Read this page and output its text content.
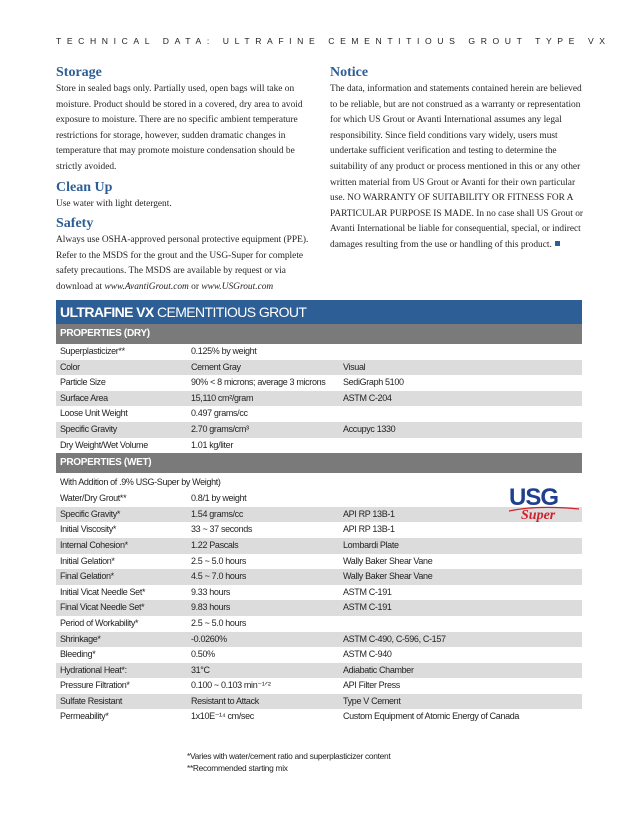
TECHNICAL DATA: ULTRAFINE CEMENTITIOUS GROUT TYPE VX
Storage

Store in sealed bags only. Partially used, open bags will take on moisture. Product should be stored in a covered, dry area to avoid exposure to moisture. There are no specific ambient temperature restrictions for storage, however, sudden dramatic changes in temperature that may promote moisture condensation should be strictly avoided.

Clean Up

Use water with light detergent.

Safety

Always use OSHA-approved personal protective equipment (PPE). Refer to the MSDS for the grout and the USG-Super for complete safety precautions. The MSDS are available by request or via download at www.AvantiGrout.com or www.USGrout.com

Notice

The data, information and statements contained herein are believed to be reliable, but are not construed as a warranty or representation for which US Grout or Avanti International assumes any legal responsibility. Since field conditions vary widely, users must undertake sufficient verification and testing to determine the suitability of any product or process mentioned in this or any other written material from US Grout or Avanti for their own particular use. NO WARRANTY OF SUITABILITY OR FITNESS FOR A PARTICULAR PURPOSE IS MADE. In no case shall US Grout or Avanti International be liable for consequential, special, or indirect damages resulting from the use or handling of this product.

ULTRAFINE VX CEMENTITIOUS GROUT
PROPERTIES (DRY)
Superplasticizer**	0.125% by weight
Color	Cement Gray	Visual
Particle Size	90% < 8 microns; average 3 microns	SediGraph 5100
Surface Area	15,110 cm²/gram	ASTM C-204
Loose Unit Weight	0.497 grams/cc
Specific Gravity	2.70 grams/cm³	Accupyc 1330
Dry Weight/Wet Volume	1.01 kg/liter
PROPERTIES (WET)
With Addition of .9% USG-Super by Weight)
Water/Dry Grout**	0.8/1 by weight
Specific Gravity*	1.54 grams/cc	API RP 13B-1
Initial Viscosity*	33 ~ 37 seconds	API RP 13B-1
Internal Cohesion*	1.22 Pascals	Lombardi Plate
Initial Gelation*	2.5 ~ 5.0 hours	Wally Baker Shear Vane
Final Gelation*	4.5 ~ 7.0 hours	Wally Baker Shear Vane
Initial Vicat Needle Set*	9.33 hours	ASTM C-191
Final Vicat Needle Set*	9.83 hours	ASTM C-191
Period of Workability*	2.5 ~ 5.0 hours
Shrinkage*	-0.0260%	ASTM C-490, C-596, C-157
Bleeding*	0.50%	ASTM C-940
Hydrational Heat*:	31°C	Adiabatic Chamber
Pressure Filtration*	0.100 ~ 0.103 min⁻¹ᐟ²	API Filter Press
Sulfate Resistant	Resistant to Attack	Type V Cement
Permeability*	1x10E⁻¹⁴ cm/sec	Custom Equipment of Atomic Energy of Canada
USG
Super
*Varies with water/cement ratio and superplasticizer content
**Recommended starting mix
